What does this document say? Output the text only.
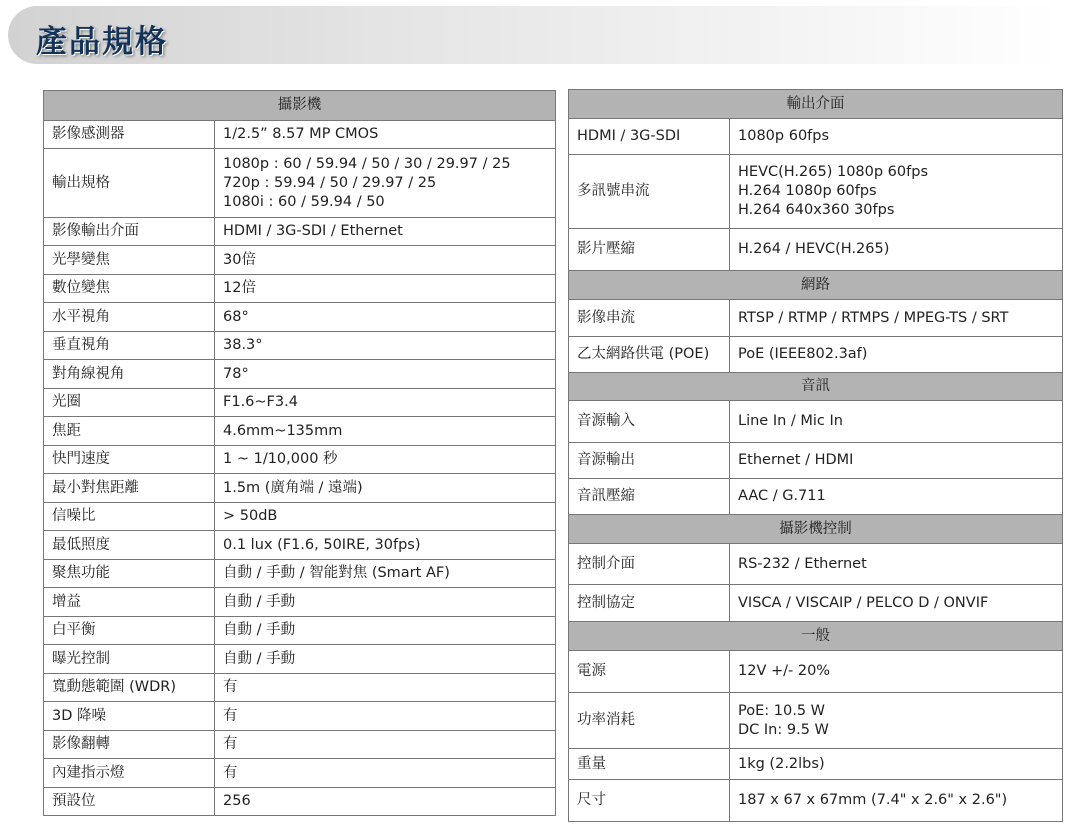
產品規格
攝影機	
影像感測器	1/2.5” 8.57 MP CMOS
輸出規格	1080p : 60 / 59.94 / 50 / 30 / 29.97 / 25
720p : 59.94 / 50 / 29.97 / 25
1080i : 60 / 59.94 / 50

影像輸出介面	HDMI / 3G-SDI / Ethernet
光學變焦	30倍
數位變焦	12倍
水平視角	68°
垂直視角	38.3°
對角線視角	78°
光圈	F1.6~F3.4
焦距	4.6mm~135mm
快門速度	1 ~ 1/10,000 秒
最小對焦距離	1.5m (廣角端 / 遠端)
信噪比	> 50dB
最低照度	0.1 lux (F1.6, 50IRE, 30fps)
聚焦功能	自動 / 手動 / 智能對焦 (Smart AF)
增益	自動 / 手動
白平衡	自動 / 手動
曝光控制	自動 / 手動
寬動態範圍 (WDR)	有
3D 降噪	有
影像翻轉	有
內建指示燈	有
預設位	256
輸出介面	
HDMI / 3G-SDI	1080p 60fps
多訊號串流	HEVC(H.265) 1080p 60fps
H.264 1080p 60fps
H.264 640x360 30fps

影片壓縮	H.264 / HEVC(H.265)
網路	
影像串流	RTSP / RTMP / RTMPS / MPEG-TS / SRT
乙太網路供電 (POE)	PoE (IEEE802.3af)
音訊	
音源輸入	Line In / Mic In
音源輸出	Ethernet / HDMI
音訊壓縮	AAC / G.711
攝影機控制	
控制介面	RS-232 / Ethernet
控制協定	VISCA / VISCAIP / PELCO D / ONVIF
一般	
電源	12V +/- 20%
功率消耗	PoE: 10.5 W
DC In: 9.5 W

重量	1kg (2.2lbs)
尺寸	187 x 67 x 67mm (7.4" x 2.6" x 2.6")
